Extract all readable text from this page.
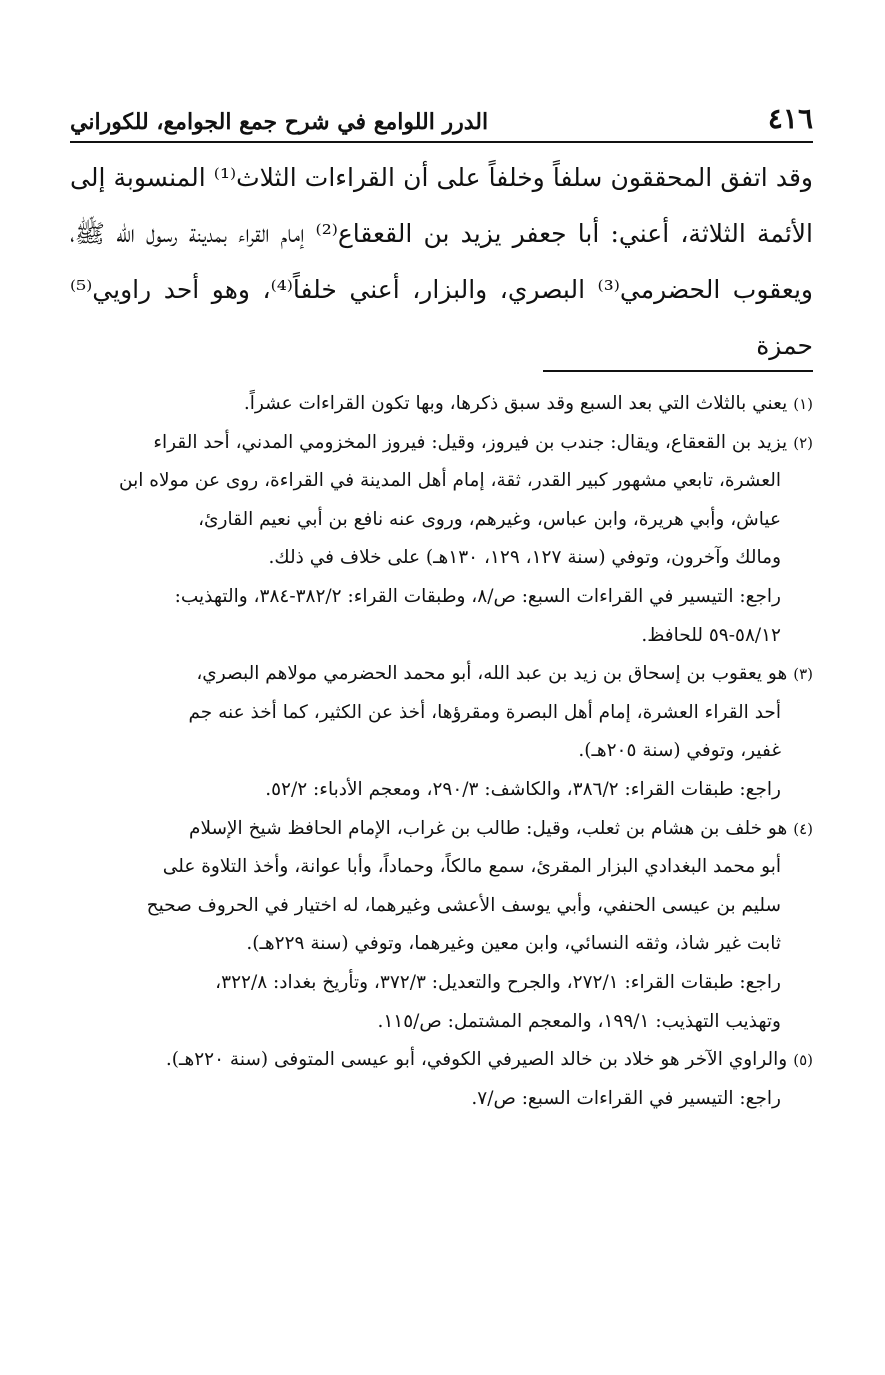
٤١٦
الدرر اللوامع في شرح جمع الجوامع، للكوراني

وقد اتفق المحققون سلفاً وخلفاً على أن القراءات الثلاث⁽¹⁾ المنسوبة إلى
الأئمة الثلاثة، أعني: أبا جعفر يزيد بن القعقاع⁽²⁾ إمام القراء بمدينة رسول الله ﷺ،
ويعقوب الحضرمي⁽³⁾ البصري، والبزار، أعني خلفاً⁽⁴⁾، وهو أحد راويي⁽⁵⁾ حمزة

(١)يعني بالثلاث التي بعد السبع وقد سبق ذكرها، وبها تكون القراءات عشراً.
(٢)يزيد بن القعقاع، ويقال: جندب بن فيروز، وقيل: فيروز المخزومي المدني، أحد القراء
العشرة، تابعي مشهور كبير القدر، ثقة، إمام أهل المدينة في القراءة، روى عن مولاه ابن
عياش، وأبي هريرة، وابن عباس، وغيرهم، وروى عنه نافع بن أبي نعيم القارئ،
ومالك وآخرون، وتوفي (سنة ١٢٧، ١٢٩، ١٣٠هـ) على خلاف في ذلك.
راجع: التيسير في القراءات السبع: ص/٨، وطبقات القراء: ٣٨٢/٢-٣٨٤، والتهذيب:
٥٨/١٢-٥٩ للحافظ.
(٣)هو يعقوب بن إسحاق بن زيد بن عبد الله، أبو محمد الحضرمي مولاهم البصري،
أحد القراء العشرة، إمام أهل البصرة ومقرؤها، أخذ عن الكثير، كما أخذ عنه جم
غفير، وتوفي (سنة ٢٠٥هـ).
راجع: طبقات القراء: ٣٨٦/٢، والكاشف: ٢٩٠/٣، ومعجم الأدباء: ٥٢/٢.
(٤)هو خلف بن هشام بن ثعلب، وقيل: طالب بن غراب، الإمام الحافظ شيخ الإسلام
أبو محمد البغدادي البزار المقرئ، سمع مالكاً، وحماداً، وأبا عوانة، وأخذ التلاوة على
سليم بن عيسى الحنفي، وأبي يوسف الأعشى وغيرهما، له اختيار في الحروف صحيح
ثابت غير شاذ، وثقه النسائي، وابن معين وغيرهما، وتوفي (سنة ٢٢٩هـ).
راجع: طبقات القراء: ٢٧٢/١، والجرح والتعديل: ٣٧٢/٣، وتأريخ بغداد: ٣٢٢/٨،
وتهذيب التهذيب: ١٩٩/١، والمعجم المشتمل: ص/١١٥.
(٥)والراوي الآخر هو خلاد بن خالد الصيرفي الكوفي، أبو عيسى المتوفى (سنة ٢٢٠هـ).
راجع: التيسير في القراءات السبع: ص/٧.
